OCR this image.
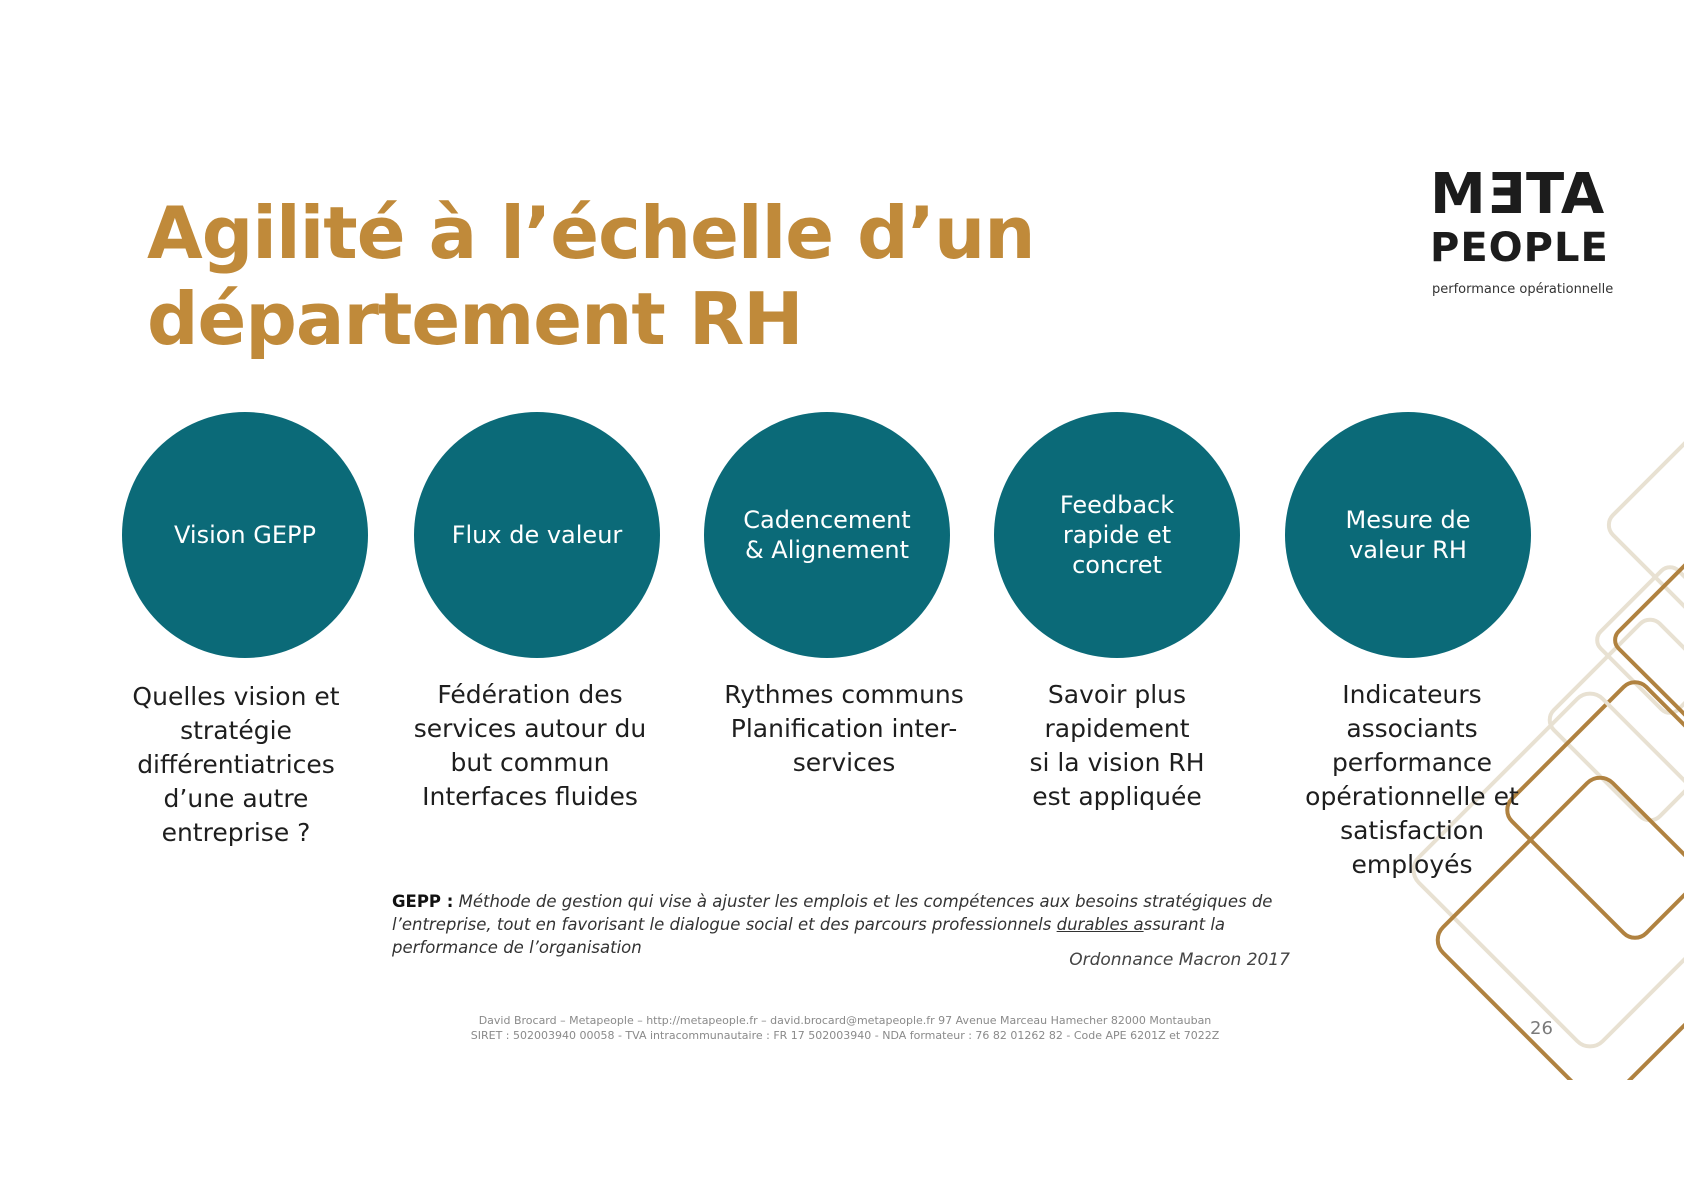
Agilité à l’échelle d’un département RH
MƎTA
PEOPLE
performance opérationnelle
Vision GEPP	Flux de valeur
Cadencement
& Alignement
Feedback
rapide et
concret
Mesure de
valeur RH
Quelles vision et
stratégie
différentiatrices
d’une autre
entreprise ?
Fédération des
services autour du
but commun
Interfaces fluides
Rythmes communs
Planification inter-
services
Savoir plus
rapidement
si la vision RH
est appliquée
Indicateurs
associants
performance
opérationnelle et
satisfaction
employés

GEPP : Méthode de gestion qui vise à ajuster les emplois et les compétences aux besoins stratégiques de l’entreprise, tout en favorisant le dialogue social et des parcours professionnels durables assurant la performance de l’organisation

Ordonnance Macron 2017
David Brocard – Metapeople – http://metapeople.fr – david.brocard@metapeople.fr 97 Avenue Marceau Hamecher 82000 Montauban
SIRET : 502003940 00058 - TVA intracommunautaire : FR 17 502003940 - NDA formateur : 76 82 01262 82 - Code APE 6201Z et 7022Z	26
